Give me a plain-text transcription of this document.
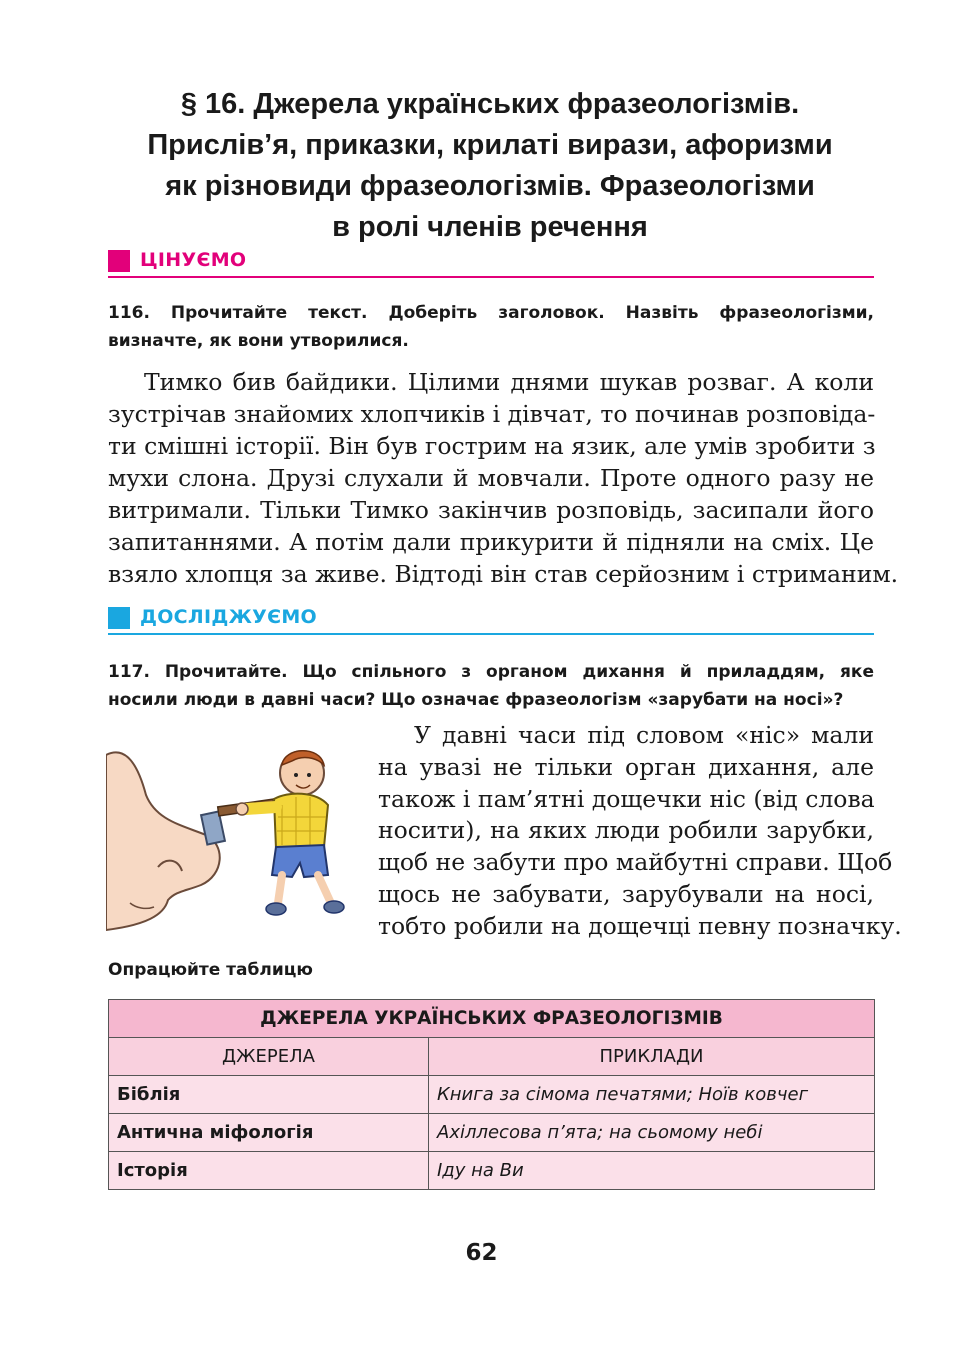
§ 16. Джерела українських фразеологізмів.
Прислів’я, приказки, крилаті вирази, афоризми
як різновиди фразеологізмів. Фразеологізми
в ролі членів речення
ЦІНУЄМО
116. Прочитайте текст. Доберіть заголовок. Назвіть фразеологізми,
визначте, як вони утворилися.
Тимко бив байдики. Цілими днями шукав розваг. А коли
зустрічав знайомих хлопчиків і дівчат, то починав розповіда-
ти смішні історії. Він був гострим на язик, але умів зробити з
мухи слона. Друзі слухали й мовчали. Проте одного разу не
витримали. Тільки Тимко закінчив розповідь, засипали його
запитаннями. А потім дали прикурити й підняли на сміх. Це
взяло хлопця за живе. Відтоді він став серйозним і стриманим.
ДОСЛІДЖУЄМО
117. Прочитайте. Що спільного з органом дихання й приладдям, яке
носили люди в давні часи? Що означає фразеологізм «зарубати на носі»?
У давні часи під словом «ніс» мали
на увазі не тільки орган дихання, але
також і пам’ятні дощечки ніс (від слова
носити), на яких люди робили зарубки,
щоб не забути про майбутні справи. Щоб
щось не забувати, зарубували на носі,
тобто робили на дощечці певну позначку.
Опрацюйте таблицю
ДЖЕРЕЛА УКРАЇНСЬКИХ ФРАЗЕОЛОГІЗМІВ	
ДЖЕРЕЛА	ПРИКЛАДИ
Біблія	Книга за сімома печатями; Ноїв ковчег
Антична міфологія	Ахіллесова п’ята; на сьомому небі
Історія	Іду на Ви
62
